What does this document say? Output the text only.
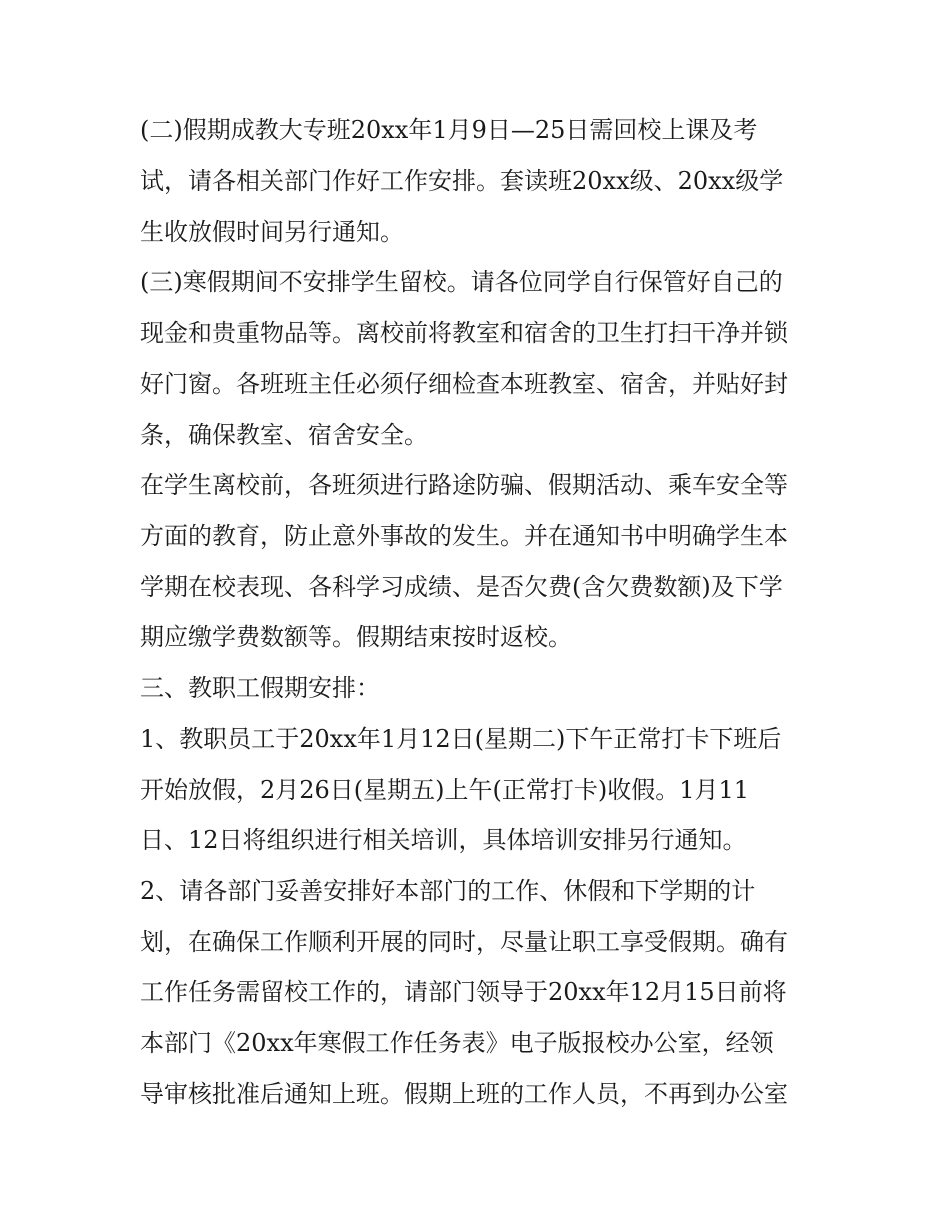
(二)假期成教大专班20xx年1月9日—25日需回校上课及考
试，请各相关部门作好工作安排。套读班20xx级、20xx级学
生收放假时间另行通知。
(三)寒假期间不安排学生留校。请各位同学自行保管好自己的
现金和贵重物品等。离校前将教室和宿舍的卫生打扫干净并锁
好门窗。各班班主任必须仔细检查本班教室、宿舍，并贴好封
条，确保教室、宿舍安全。
在学生离校前，各班须进行路途防骗、假期活动、乘车安全等
方面的教育，防止意外事故的发生。并在通知书中明确学生本
学期在校表现、各科学习成绩、是否欠费(含欠费数额)及下学
期应缴学费数额等。假期结束按时返校。
三、教职工假期安排：
1、教职员工于20xx年1月12日(星期二)下午正常打卡下班后
开始放假，2月26日(星期五)上午(正常打卡)收假。1月11
日、12日将组织进行相关培训，具体培训安排另行通知。
2、请各部门妥善安排好本部门的工作、休假和下学期的计
划，在确保工作顺利开展的同时，尽量让职工享受假期。确有
工作任务需留校工作的，请部门领导于20xx年12月15日前将
本部门《20xx年寒假工作任务表》电子版报校办公室，经领
导审核批准后通知上班。假期上班的工作人员，不再到办公室
